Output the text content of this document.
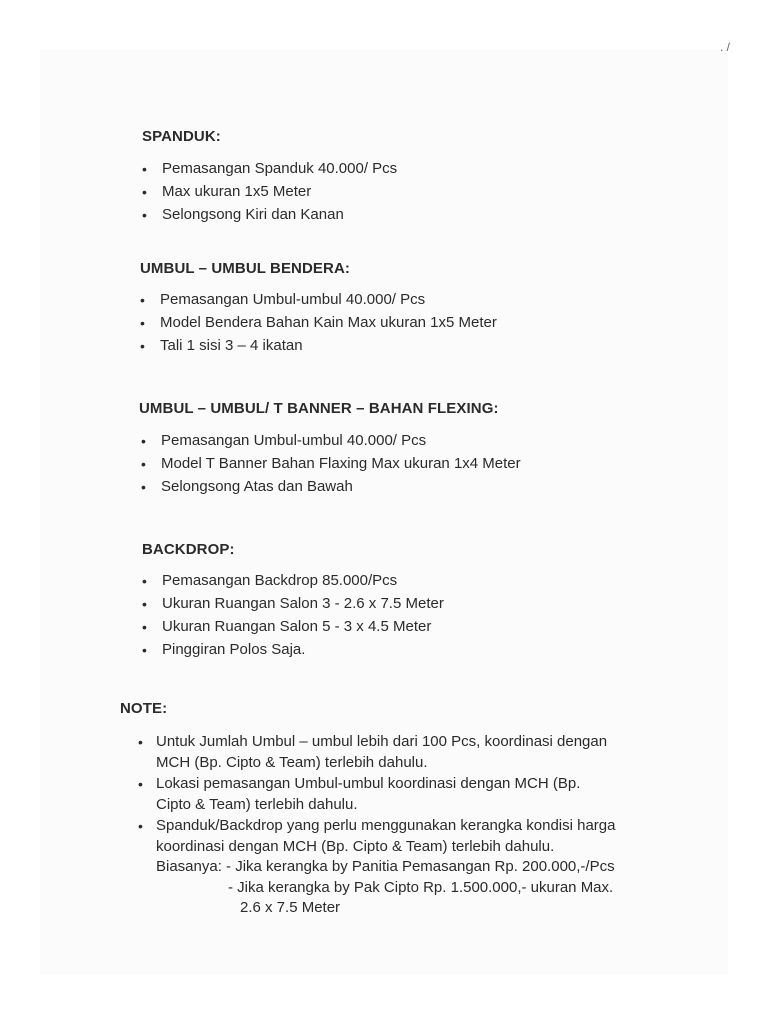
. /
SPANDUK:
• Pemasangan Spanduk 40.000/ Pcs
• Max ukuran 1x5 Meter
• Selongsong Kiri dan Kanan
UMBUL – UMBUL BENDERA:
• Pemasangan Umbul-umbul 40.000/ Pcs
• Model Bendera Bahan Kain Max ukuran 1x5 Meter
• Tali 1 sisi 3 – 4 ikatan
UMBUL – UMBUL/ T BANNER – BAHAN FLEXING:
• Pemasangan Umbul-umbul 40.000/ Pcs
• Model T Banner Bahan Flaxing Max ukuran 1x4 Meter
• Selongsong Atas dan Bawah
BACKDROP:
• Pemasangan Backdrop 85.000/Pcs
• Ukuran Ruangan Salon 3 - 2.6 x 7.5 Meter
• Ukuran Ruangan Salon 5 - 3 x 4.5 Meter
• Pinggiran Polos Saja.
NOTE:
• Untuk Jumlah Umbul – umbul lebih dari 100 Pcs, koordinasi dengan
MCH (Bp. Cipto & Team) terlebih dahulu.
• Lokasi pemasangan Umbul-umbul koordinasi dengan MCH (Bp.
Cipto & Team) terlebih dahulu.
• Spanduk/Backdrop yang perlu menggunakan kerangka kondisi harga
koordinasi dengan MCH (Bp. Cipto & Team) terlebih dahulu.
Biasanya: - Jika kerangka by Panitia Pemasangan Rp. 200.000,-/Pcs
- Jika kerangka by Pak Cipto Rp. 1.500.000,- ukuran Max.
2.6 x 7.5 Meter
